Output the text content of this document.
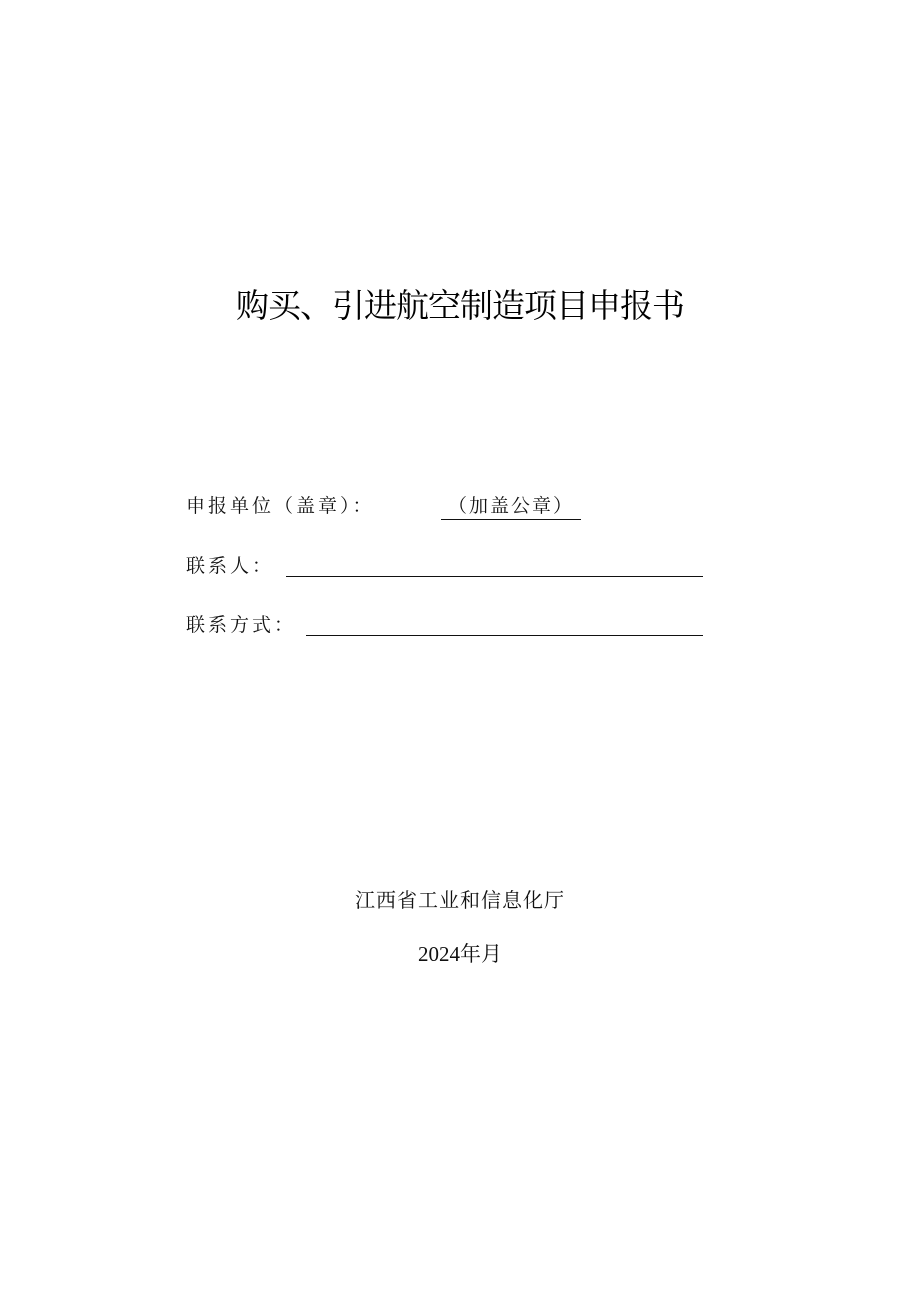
购买、引进航空制造项目申报书
申报单位（盖章）：	（加盖公章）
联系人：
联系方式：
江西省工业和信息化厅
2024年月
